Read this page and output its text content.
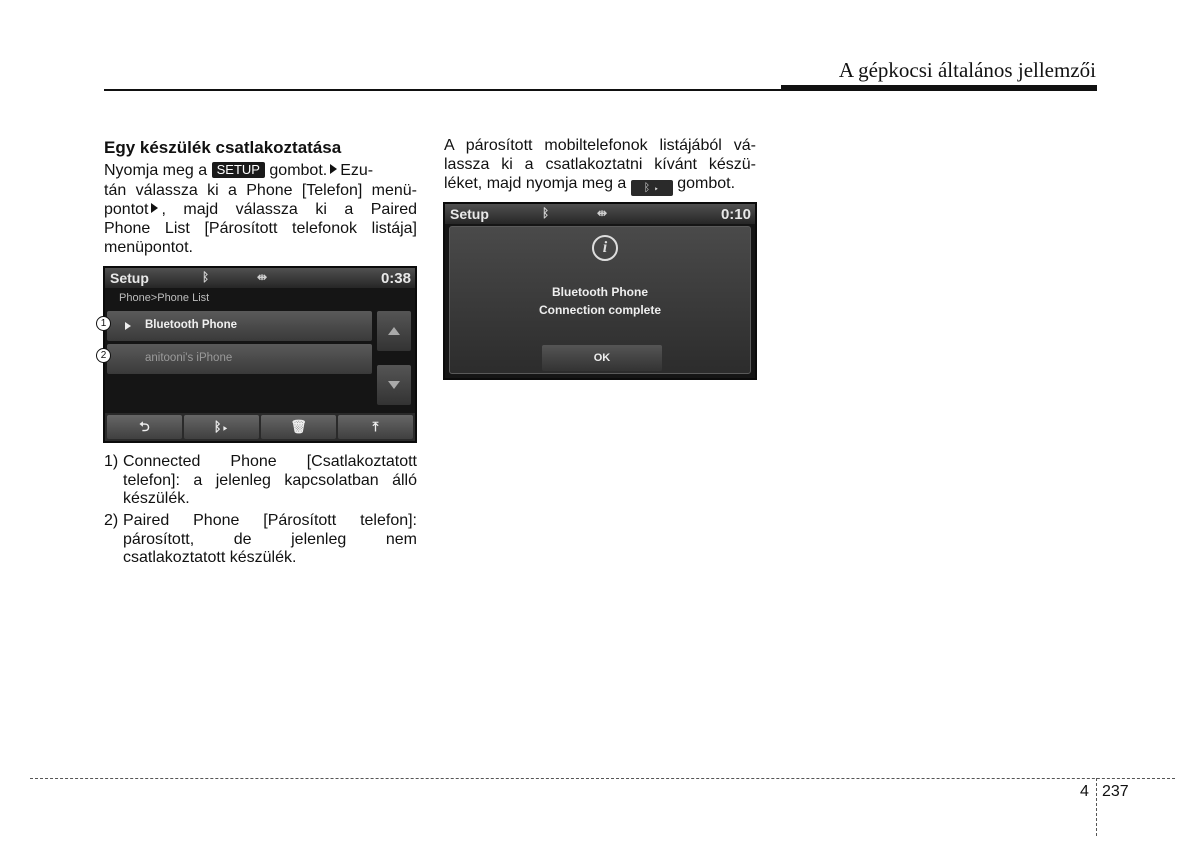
A gépkocsi általános jellemzői
Egy készülék csatlakoztatása
Nyomja meg a SETUP gombot. Ezu-
tán válassza ki a Phone [Telefon] menü-
pontot , majd válassza ki a Paired
Phone List [Párosított telefonok listája]
menüpontot.
Setup	ᛒ	⇹	0:38
Phone>Phone List
Bluetooth Phone
anitooni's iPhone
⮌	ᛒ▸	🗑	⤒
1
2
1) Connected Phone [Csatlakoztatott telefon]: a jelenleg kapcsolatban álló készülék.
2) Paired Phone [Párosított telefon]: párosított, de jelenleg nem csatlakoztatott készülék.
A párosított mobiltelefonok listájából vá-
lassza ki a csatlakoztatni kívánt készü-
léket, majd nyomja meg a ᛒ ▸ gombot.
Setup	ᛒ	⇹	0:10
i
Bluetooth Phone
Connection complete
OK
4 237
